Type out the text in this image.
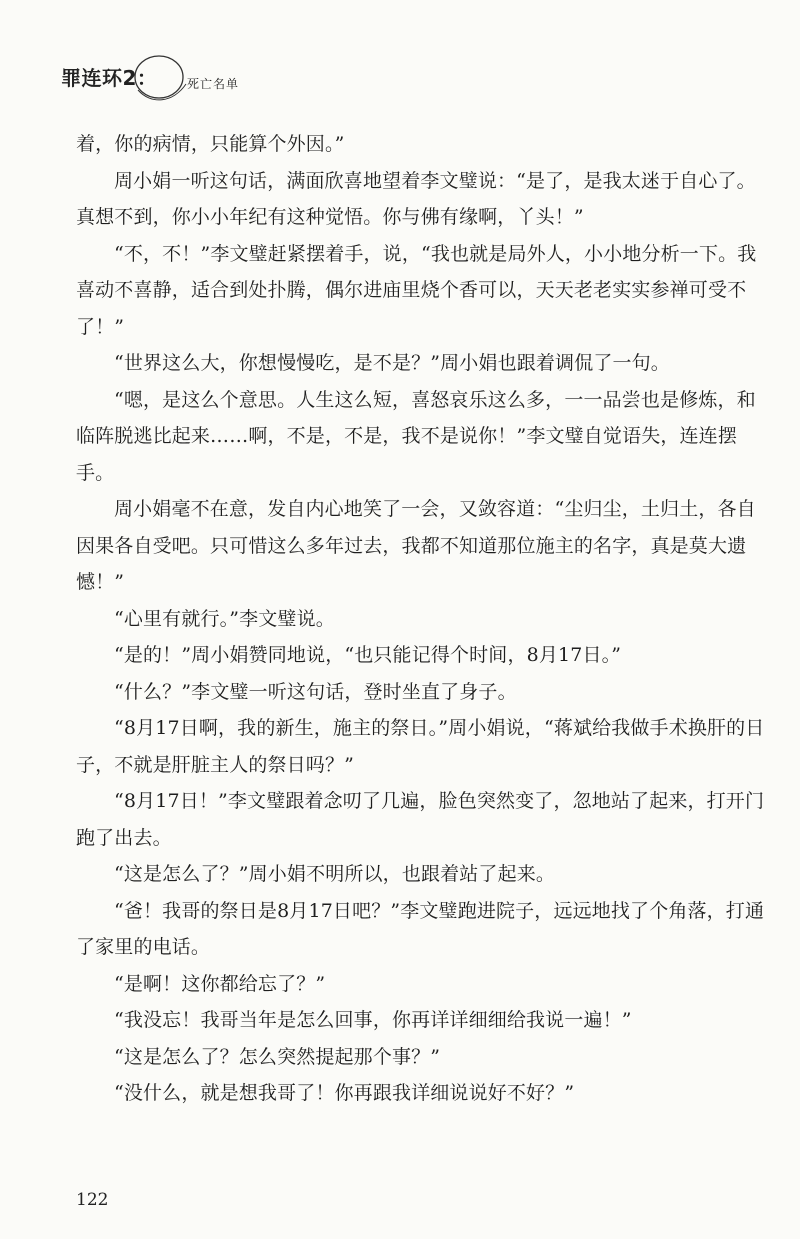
罪连环2： 死亡名单

着，你的病情，只能算个外因。”

周小娟一听这句话，满面欣喜地望着李文璧说：“是了，是我太迷于自心了。真想不到，你小小年纪有这种觉悟。你与佛有缘啊，丫头！”

“不，不！”李文璧赶紧摆着手，说，“我也就是局外人，小小地分析一下。我喜动不喜静，适合到处扑腾，偶尔进庙里烧个香可以，天天老老实实参禅可受不了！”

“世界这么大，你想慢慢吃，是不是？”周小娟也跟着调侃了一句。

“嗯，是这么个意思。人生这么短，喜怒哀乐这么多，一一品尝也是修炼，和临阵脱逃比起来……啊，不是，不是，我不是说你！”李文璧自觉语失，连连摆手。

周小娟毫不在意，发自内心地笑了一会，又敛容道：“尘归尘，土归土，各自因果各自受吧。只可惜这么多年过去，我都不知道那位施主的名字，真是莫大遗憾！”

“心里有就行。”李文璧说。

“是的！”周小娟赞同地说，“也只能记得个时间，8月17日。”

“什么？”李文璧一听这句话，登时坐直了身子。

“8月17日啊，我的新生，施主的祭日。”周小娟说，“蒋斌给我做手术换肝的日子，不就是肝脏主人的祭日吗？”

“8月17日！”李文璧跟着念叨了几遍，脸色突然变了，忽地站了起来，打开门跑了出去。

“这是怎么了？”周小娟不明所以，也跟着站了起来。

“爸！我哥的祭日是8月17日吧？”李文璧跑进院子，远远地找了个角落，打通了家里的电话。

“是啊！这你都给忘了？”

“我没忘！我哥当年是怎么回事，你再详详细细给我说一遍！”

“这是怎么了？怎么突然提起那个事？”

“没什么，就是想我哥了！你再跟我详细说说好不好？”

122
